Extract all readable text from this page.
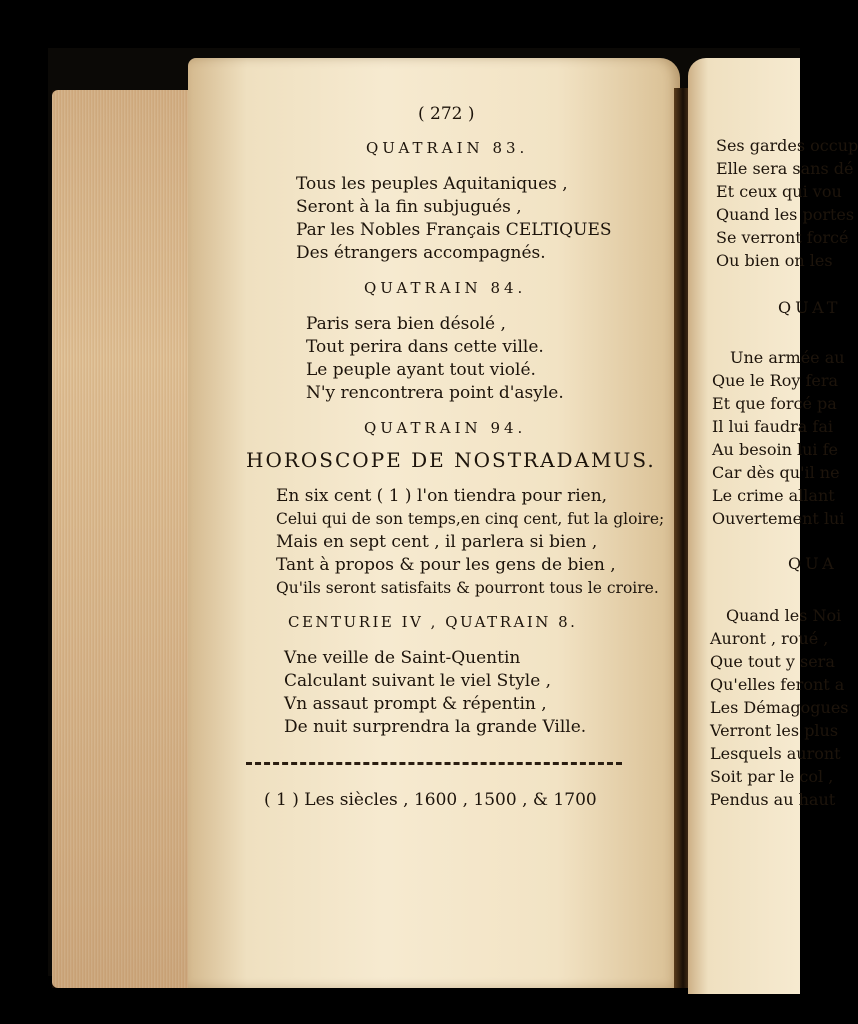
Ses gardes occup
Elle sera sans dé
Et ceux qui vou
Quand les portes
Se verront forcé
Ou bien on les
QUAT
Une armée au
Que le Roy fera
Et que forcé pa
Il lui faudra fai
Au besoin lui fe
Car dès qu'il ne
Le crime allant
Ouvertement lui
QUA
Quand les Noi
Auront , roué ,
Que tout y sera
Qu'elles feront a
Les Démagogues
Verront les plus
Lesquels auront
Soit par le col ,
Pendus au haut
( 272 )
QUATRAIN 83.
Tous les peuples Aquitaniques ,
Seront à la fin subjugués ,
Par les Nobles Français CELTIQUES
Des étrangers accompagnés.
QUATRAIN 84.
Paris sera bien désolé ,
Tout perira dans cette ville.
Le peuple ayant tout violé.
N'y rencontrera point d'asyle.
QUATRAIN 94.
HOROSCOPE DE NOSTRADAMUS.
En six cent ( 1 ) l'on tiendra pour rien,
Celui qui de son temps,en cinq cent, fut la gloire;
Mais en sept cent , il parlera si bien ,
Tant à propos & pour les gens de bien ,
Qu'ils seront satisfaits & pourront tous le croire.
CENTURIE IV , QUATRAIN 8.
Vne veille de Saint-Quentin
Calculant suivant le viel Style ,
Vn assaut prompt & répentin ,
De nuit surprendra la grande Ville.
( 1 ) Les siècles , 1600 , 1500 , & 1700
